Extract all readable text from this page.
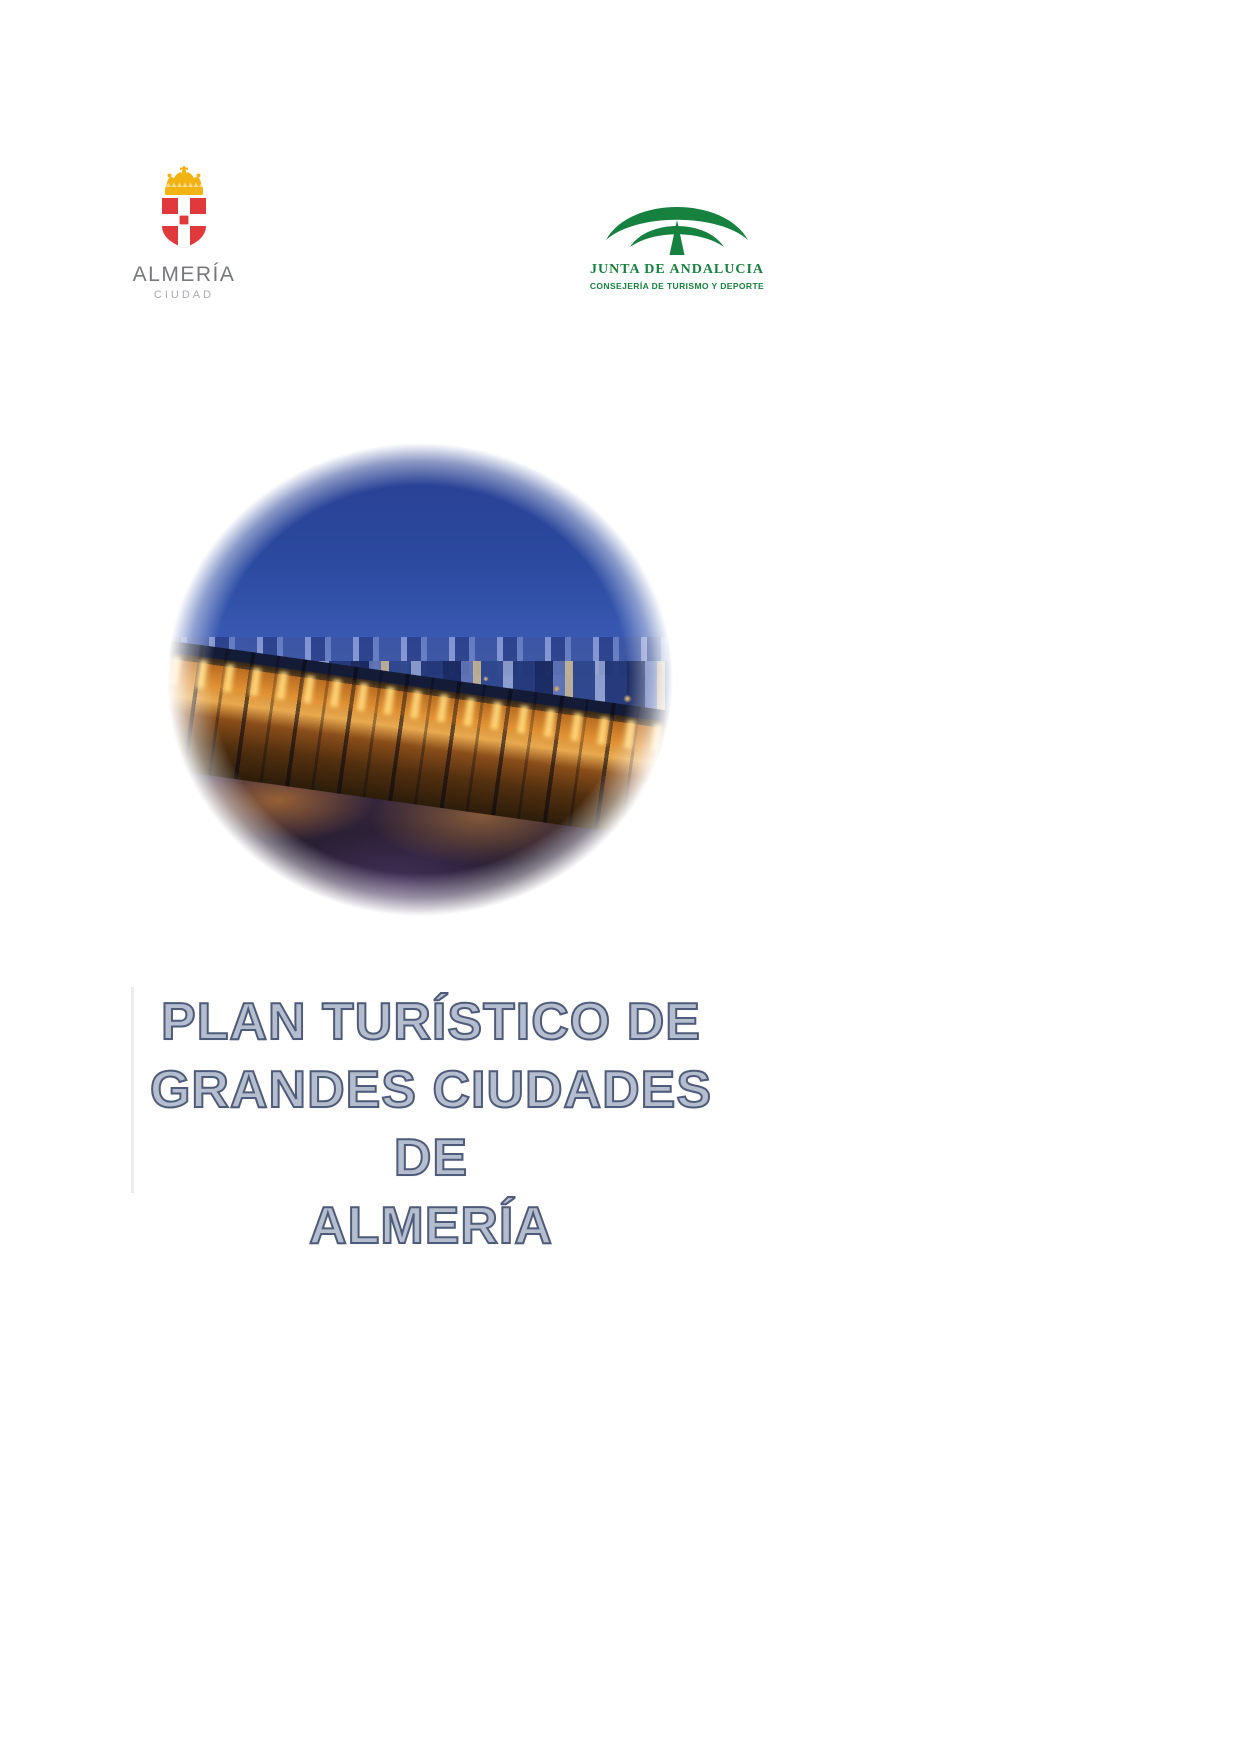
ALMERÍA
CIUDAD
JUNTA DE ANDALUCIA
CONSEJERÍA DE TURISMO Y DEPORTE
PLAN TURÍSTICO DE
GRANDES CIUDADES DE
ALMERÍA
